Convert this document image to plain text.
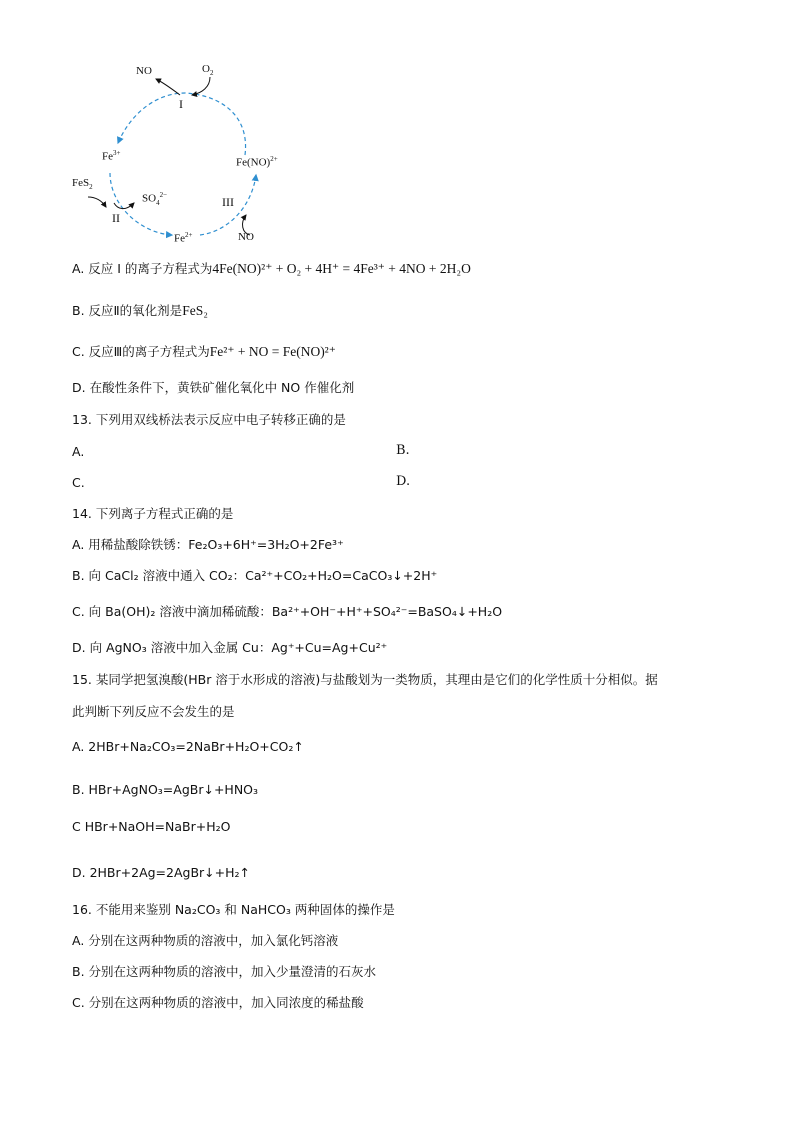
NO	$O_2$
I
$Fe^{3+}$
FeS$_2$
$SO_4^{2-}$
II
$Fe^{2+}$
III
Fe(NO)$^{2+}$
NO
A. 反应 I 的离子方程式为4Fe(NO)²⁺ + O₂ + 4H⁺ = 4Fe³⁺ + 4NO + 2H₂O
B. 反应Ⅱ的氧化剂是FeS₂
C. 反应Ⅲ的离子方程式为Fe²⁺ + NO = Fe(NO)²⁺
D. 在酸性条件下，黄铁矿催化氧化中 NO 作催化剂
13. 下列用双线桥法表示反应中电子转移正确的是
A.	B.
C.	D.
14. 下列离子方程式正确的是
A. 用稀盐酸除铁锈：Fe₂O₃+6H⁺=3H₂O+2Fe³⁺
B. 向 CaCl₂ 溶液中通入 CO₂：Ca²⁺+CO₂+H₂O=CaCO₃↓+2H⁺
C. 向 Ba(OH)₂ 溶液中滴加稀硫酸：Ba²⁺+OH⁻+H⁺+SO₄²⁻=BaSO₄↓+H₂O
D. 向 AgNO₃ 溶液中加入金属 Cu：Ag⁺+Cu=Ag+Cu²⁺
15. 某同学把氢溴酸(HBr 溶于水形成的溶液)与盐酸划为一类物质，其理由是它们的化学性质十分相似。据
此判断下列反应不会发生的是
A. 2HBr+Na₂CO₃=2NaBr+H₂O+CO₂↑
B. HBr+AgNO₃=AgBr↓+HNO₃
C HBr+NaOH=NaBr+H₂O
D. 2HBr+2Ag=2AgBr↓+H₂↑
16. 不能用来鉴别 Na₂CO₃ 和 NaHCO₃ 两种固体的操作是
A. 分别在这两种物质的溶液中，加入氯化钙溶液
B. 分别在这两种物质的溶液中，加入少量澄清的石灰水
C. 分别在这两种物质的溶液中，加入同浓度的稀盐酸
